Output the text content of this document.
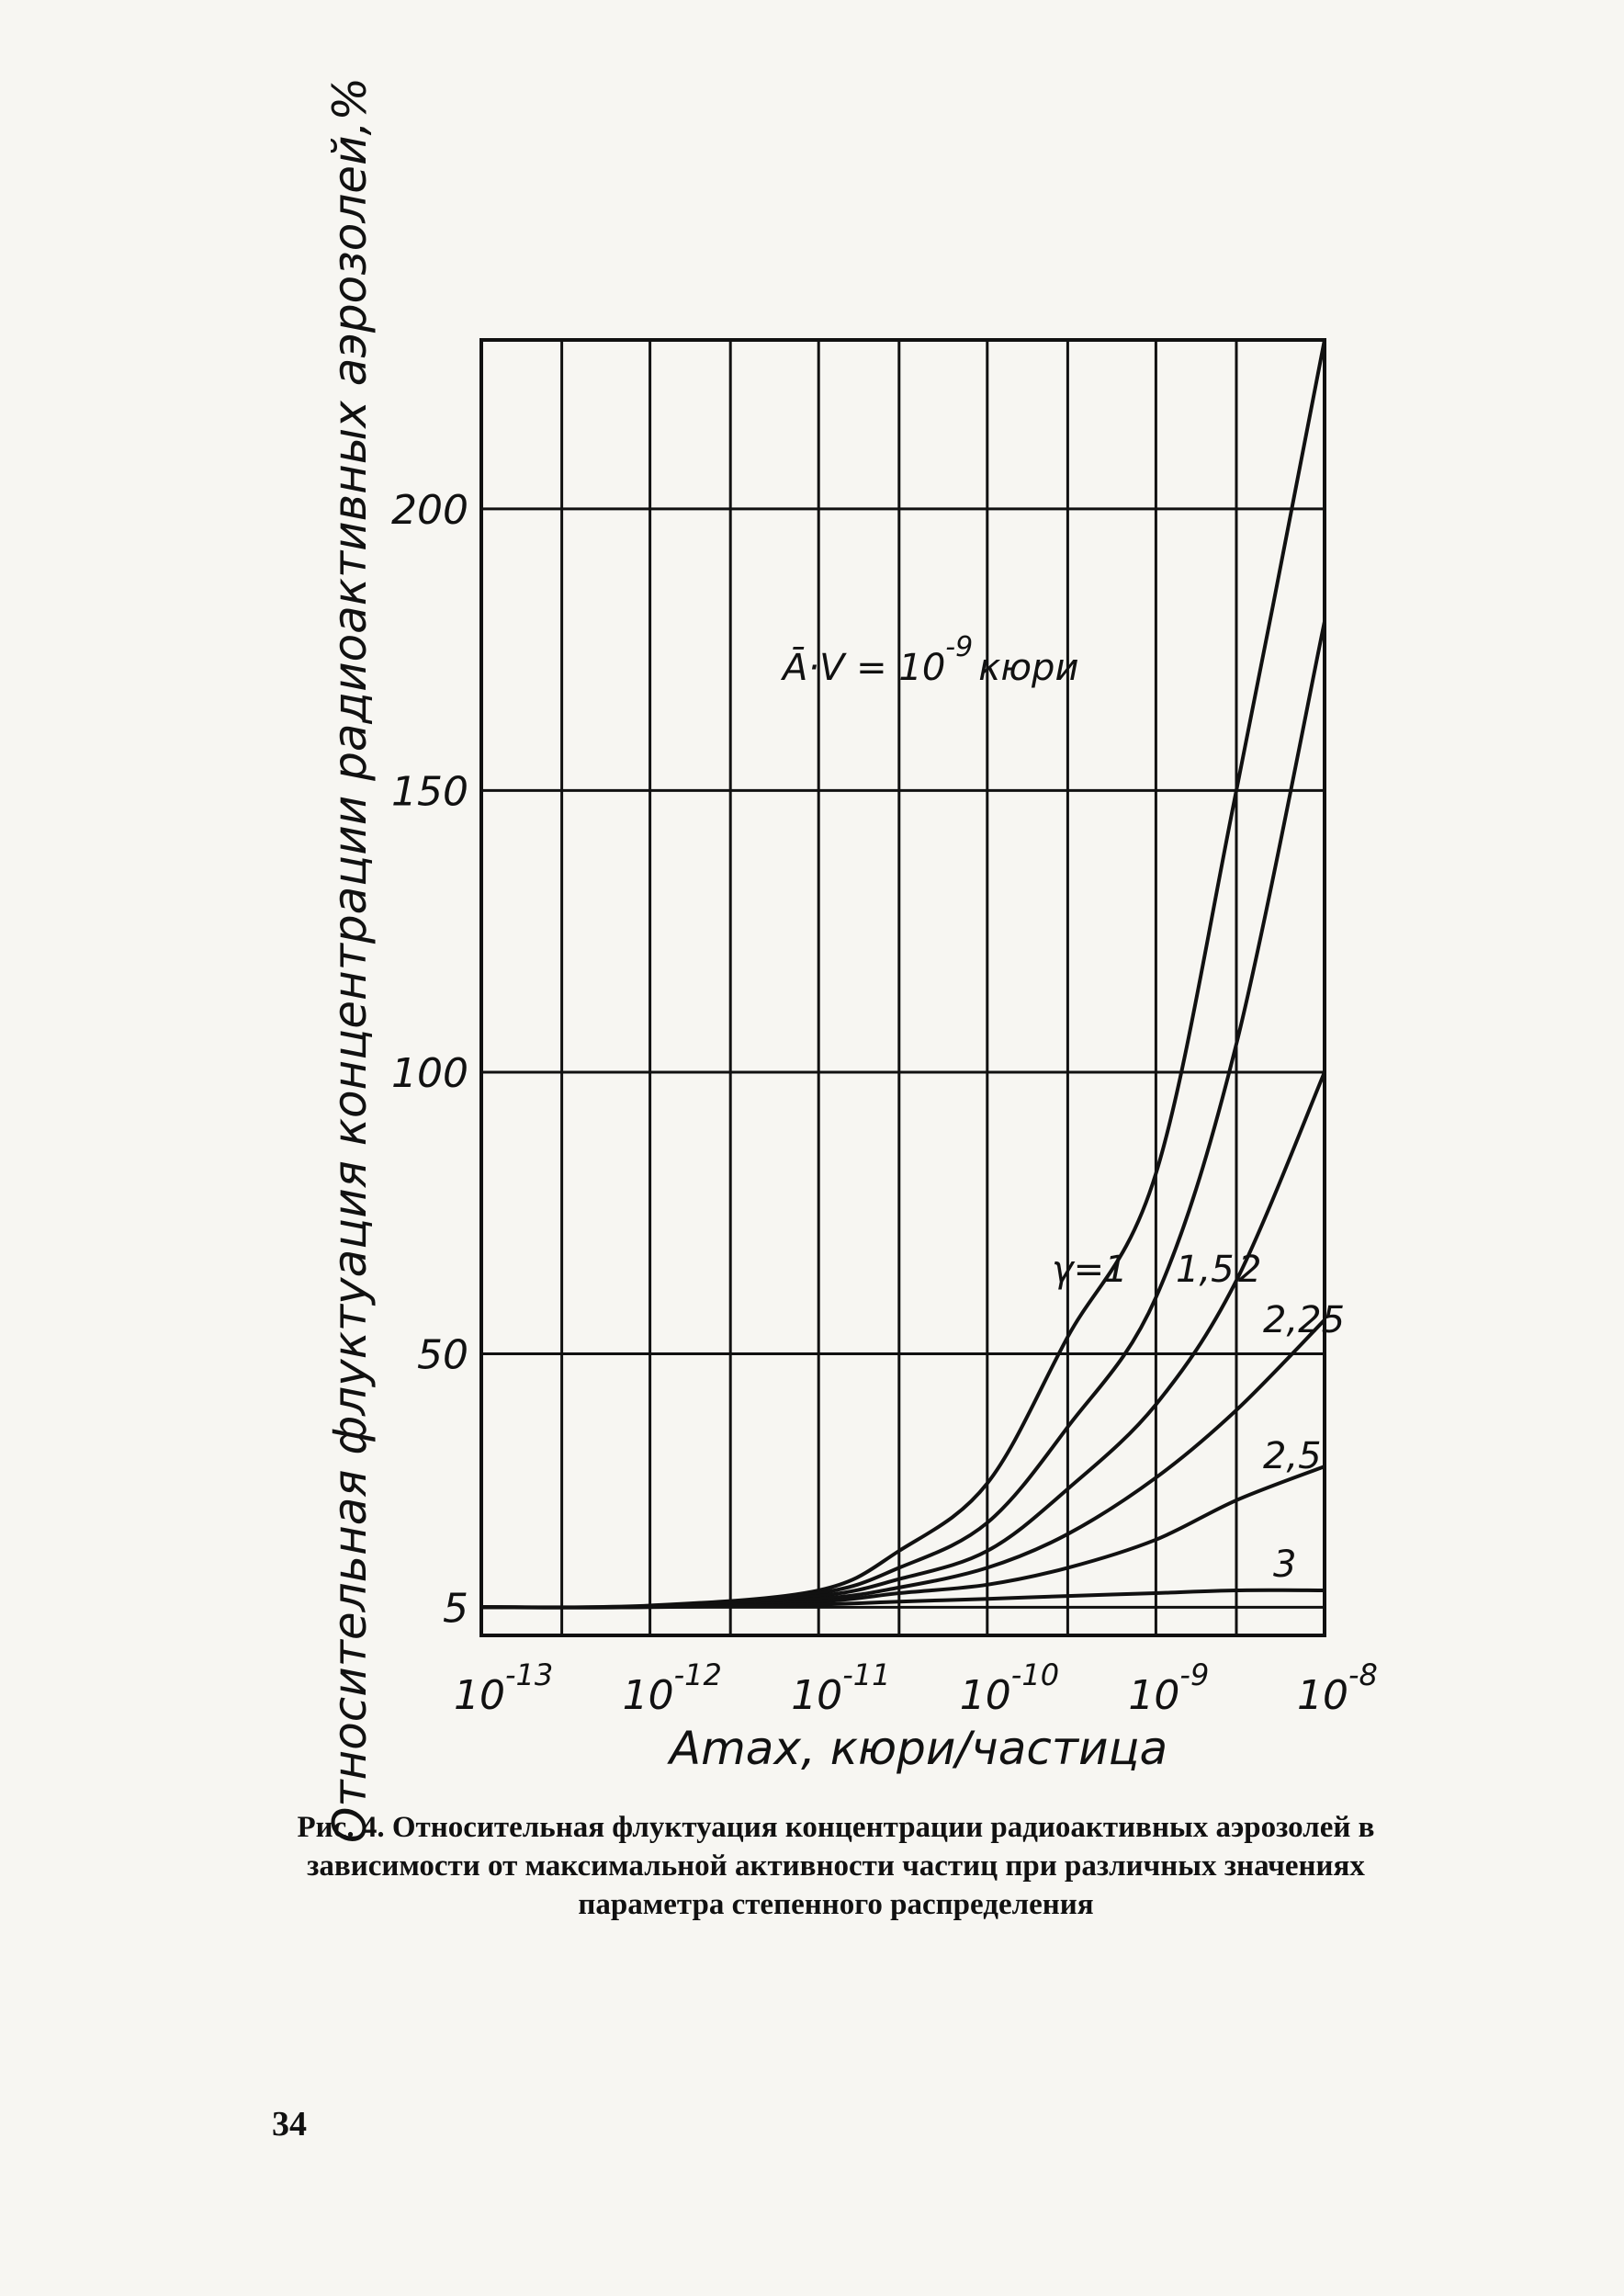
5
50
100
150
200
$10^{-13}$ $10^{-12}$ $10^{-11}$ $10^{-10}$ $10^{-9}$ $10^{-8}$
γ=1 1,5 2
2,25
2,5
3
Amax, кюри/частица
Относительная флуктуация концентрации радиоактивных аэрозолей,%	Ā·V = $10^{-9}$ кюри
Рис. 4. Относительная флуктуация концентрации радиоактивных аэрозолей в зависимости от максимальной активности частиц при различных значениях параметра степенного распределения
34
